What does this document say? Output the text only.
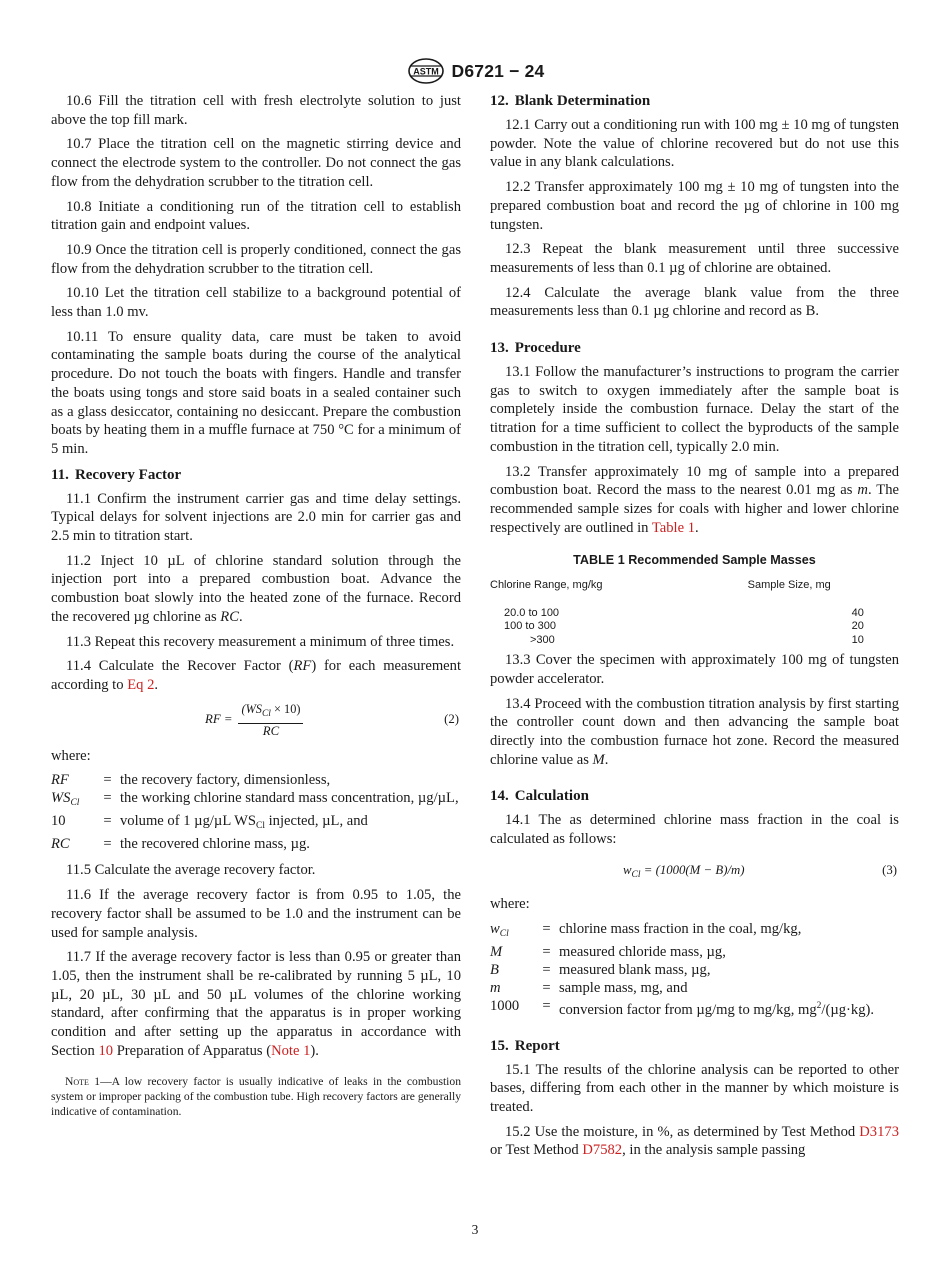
ASTM D6721 − 24

10.6 Fill the titration cell with fresh electrolyte solution to just above the top fill mark.

10.7 Place the titration cell on the magnetic stirring device and connect the electrode system to the controller. Do not connect the gas flow from the dehydration scrubber to the titration cell.

10.8 Initiate a conditioning run of the titration cell to establish titration gain and endpoint values.

10.9 Once the titration cell is properly conditioned, connect the gas flow from the dehydration scrubber to the titration cell.

10.10 Let the titration cell stabilize to a background potential of less than 1.0 mv.

10.11 To ensure quality data, care must be taken to avoid contaminating the sample boats during the course of the analytical procedure. Do not touch the boats with fingers. Handle and transfer the boats using tongs and store said boats in a sealed container such as a glass desiccator, containing no desiccant. Prepare the combustion boats by heating them in a muffle furnace at 750 °C for a minimum of 5 min.

11. Recovery Factor

11.1 Confirm the instrument carrier gas and time delay settings. Typical delays for solvent injections are 2.0 min for carrier gas and 2.5 min to titration start.

11.2 Inject 10 µL of chlorine standard solution through the injection port into a prepared combustion boat. Advance the combustion boat slowly into the heated zone of the furnace. Record the recovered µg chlorine as RC.

11.3 Repeat this recovery measurement a minimum of three times.

11.4 Calculate the Recover Factor (RF) for each measurement according to Eq 2.

RF = $\frac{(WS_{Cl} \times 10)}{RC}$	(2)

where:

RF	=	the recovery factory, dimensionless,
$WS_{Cl}$	=	the working chlorine standard mass concentration, µg/µL,
10	=	volume of 1 µg/µL $WS_{Cl}$ injected, µL, and
RC	=	the recovered chlorine mass, µg.

11.5 Calculate the average recovery factor.

11.6 If the average recovery factor is from 0.95 to 1.05, the recovery factor shall be assumed to be 1.0 and the instrument can be used for sample analysis.

11.7 If the average recovery factor is less than 0.95 or greater than 1.05, then the instrument shall be re-calibrated by running 5 µL, 10 µL, 20 µL, 30 µL and 50 µL volumes of the chlorine working standard, after confirming that the apparatus is in proper working condition and after setting up the apparatus in accordance with Section 10 Preparation of Apparatus (Note 1).

Note 1—A low recovery factor is usually indicative of leaks in the combustion system or improper packing of the combustion tube. High recovery factors are generally indicative of contamination.
12. Blank Determination

12.1 Carry out a conditioning run with 100 mg ± 10 mg of tungsten powder. Note the value of chlorine recovered but do not use this value in any blank calculations.

12.2 Transfer approximately 100 mg ± 10 mg of tungsten into the prepared combustion boat and record the µg of chlorine in 100 mg tungsten.

12.3 Repeat the blank measurement until three successive measurements of less than 0.1 µg of chlorine are obtained.

12.4 Calculate the average blank value from the three measurements less than 0.1 µg chlorine and record as B.

13. Procedure

13.1 Follow the manufacturer’s instructions to program the carrier gas to switch to oxygen immediately after the sample boat is completely inside the combustion furnace. Delay the start of the titration for a time sufficient to collect the byproducts of the sample combustion in the titration cell, typically 2.0 min.

13.2 Transfer approximately 10 mg of sample into a prepared combustion boat. Record the mass to the nearest 0.01 mg as m. The recommended sample sizes for coals with higher and lower chlorine respectively are outlined in Table 1.

TABLE 1 Recommended Sample Masses
Chlorine Range, mg/kg	Sample Size, mg
20.0 to 100	40
100 to 300	20
>300	10

13.3 Cover the specimen with approximately 100 mg of tungsten powder accelerator.

13.4 Proceed with the combustion titration analysis by first starting the controller count down and then advancing the sample boat directly into the combustion furnace hot zone. Record the measured chlorine value as M.

14. Calculation

14.1 The as determined chlorine mass fraction in the coal is calculated as follows:

$w_{Cl} = (1000(M - B)/m)$	(3)

where:

$w_{Cl}$	=	chlorine mass fraction in the coal, mg/kg,
M	=	measured chloride mass, µg,
B	=	measured blank mass, µg,
m	=	sample mass, mg, and
1000	=	conversion factor from µg/mg to mg/kg, $mg^2/(\mu g\cdot kg)$.
15. Report

15.1 The results of the chlorine analysis can be reported to other bases, differing from each other in the manner by which moisture is treated.

15.2 Use the moisture, in %, as determined by Test Method D3173 or Test Method D7582, in the analysis sample passing

3
